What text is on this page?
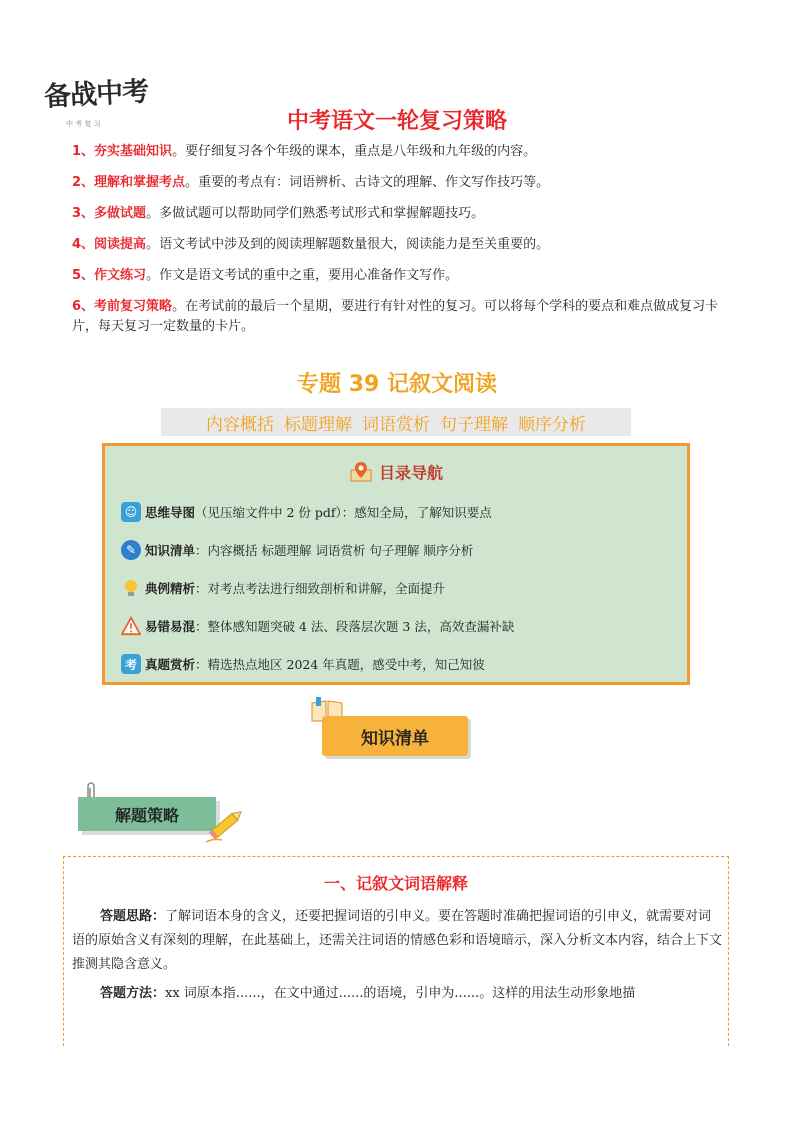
备战中考
中 考 复 习	中考语文一轮复习策略
1、夯实基础知识。要仔细复习各个年级的课本，重点是八年级和九年级的内容。
2、理解和掌握考点。重要的考点有：词语辨析、古诗文的理解、作文写作技巧等。
3、多做试题。多做试题可以帮助同学们熟悉考试形式和掌握解题技巧。
4、阅读提高。语文考试中涉及到的阅读理解题数量很大，阅读能力是至关重要的。
5、作文练习。作文是语文考试的重中之重，要用心准备作文写作。
6、考前复习策略。在考试前的最后一个星期，要进行有针对性的复习。可以将每个学科的要点和难点做成复习卡片，每天复习一定数量的卡片。
专题 39 记叙文阅读
内容概括 标题理解 词语赏析 句子理解 顺序分析
目录导航
☺ 思维导图 （见压缩文件中 2 份 pdf）：感知全局，了解知识要点
✎ 知识清单 ：内容概括 标题理解 词语赏析 句子理解 顺序分析
典例精析 ：对考点考法进行细致剖析和讲解，全面提升
易错易混 ：整体感知题突破 4 法、段落层次题 3 法，高效查漏补缺
考 真题赏析 ：精选热点地区 2024 年真题，感受中考，知己知彼
知识清单
解题策略
一、记叙文词语解释

答题思路：了解词语本身的含义，还要把握词语的引申义。要在答题时准确把握词语的引申义，就需要对词语的原始含义有深刻的理解，在此基础上，还需关注词语的情感色彩和语境暗示，深入分析文本内容，结合上下文推测其隐含意义。

答题方法：xx 词原本指......，在文中通过......的语境，引申为......。这样的用法生动形象地描
